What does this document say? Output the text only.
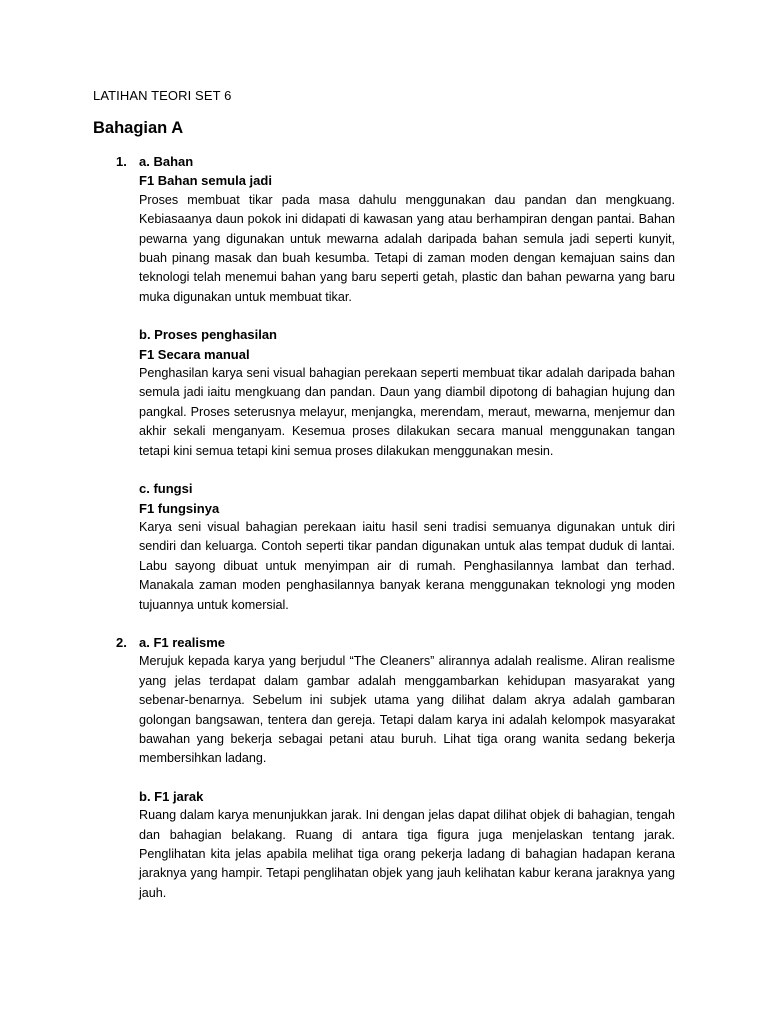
LATIHAN TEORI SET 6
Bahagian A
1. a. Bahan
F1 Bahan semula jadi

Proses membuat tikar pada masa dahulu menggunakan dau pandan dan mengkuang. Kebiasaanya daun pokok ini didapati di kawasan yang atau berhampiran dengan pantai. Bahan pewarna yang digunakan untuk mewarna adalah daripada bahan semula jadi seperti kunyit, buah pinang masak dan buah kesumba. Tetapi di zaman moden dengan kemajuan sains dan teknologi telah menemui bahan yang baru seperti getah, plastic dan bahan pewarna yang baru muka digunakan untuk membuat tikar.

b. Proses penghasilan
F1 Secara manual

Penghasilan karya seni visual bahagian perekaan seperti membuat tikar adalah daripada bahan semula jadi iaitu mengkuang dan pandan. Daun yang diambil dipotong di bahagian hujung dan pangkal. Proses seterusnya melayur, menjangka, merendam, meraut, mewarna, menjemur dan akhir sekali menganyam. Kesemua proses dilakukan secara manual menggunakan tangan tetapi kini semua tetapi kini semua proses dilakukan menggunakan mesin.

c. fungsi
F1 fungsinya

Karya seni visual bahagian perekaan iaitu hasil seni tradisi semuanya digunakan untuk diri sendiri dan keluarga. Contoh seperti tikar pandan digunakan untuk alas tempat duduk di lantai. Labu sayong dibuat untuk menyimpan air di rumah. Penghasilannya lambat dan terhad. Manakala zaman moden penghasilannya banyak kerana menggunakan teknologi yng moden tujuannya untuk komersial.

2. a. F1 realisme

Merujuk kepada karya yang berjudul “The Cleaners” alirannya adalah realisme. Aliran realisme yang jelas terdapat dalam gambar adalah menggambarkan kehidupan masyarakat yang sebenar-benarnya. Sebelum ini subjek utama yang dilihat dalam akrya adalah gambaran golongan bangsawan, tentera dan gereja. Tetapi dalam karya ini adalah kelompok masyarakat bawahan yang bekerja sebagai petani atau buruh. Lihat tiga orang wanita sedang bekerja membersihkan ladang.

b. F1 jarak

Ruang dalam karya menunjukkan jarak. Ini dengan jelas dapat dilihat objek di bahagian, tengah dan bahagian belakang. Ruang di antara tiga figura juga menjelaskan tentang jarak. Penglihatan kita jelas apabila melihat tiga orang pekerja ladang di bahagian hadapan kerana jaraknya yang hampir. Tetapi penglihatan objek yang jauh kelihatan kabur kerana jaraknya yang jauh.
